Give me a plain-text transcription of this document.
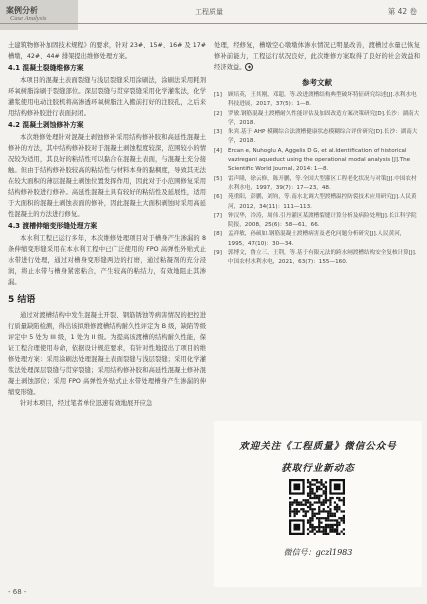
案例分析
Case Analysis
工程质量	第 42 卷

土建筑物修补加固技术规程》的要求，针对 23#、15#、16# 及 17# 槽墩，42#、44# 排架提出维修处理方案。

4.1 混凝土裂缝维修方案

本项目的混凝土表面裂缝与浅层裂缝采用涂刷法，涂刷法采用耗剂环氧树脂涂刷于裂缝部位。深层裂缝与贯穿裂缝采用化学灌浆法，化学灌浆使用电动注胶机将高渗透环氧树脂注入搬前打好的注胶孔，之后来用结构修补胶进行表面封闭。

4.2 混凝土剥蚀修补方案

本次维修处理针对混凝土剥蚀修补采用结构修补胶和高延性混凝土修补的方法，其中结构修补胶对于混凝土剥蚀程度较深，范围较小的情况较为适用，其良好的粘结性可以黏合在混凝土表面，与混凝土充分接触。但由于结构修补胶较高的粘结性与材料本身的黏稠度，导致其无法在较大面积的薄层混凝土剥蚀位置发挥作用，因此对于小范围修复采用结构修补胶进行修补。高延性混凝土具有较好的粘结性及延展性，适用于大面积的混凝土剥蚀表面的修补，因此混凝土大面积剥蚀时采用高延性混凝土的方法进行修复。

4.3 渡槽伸缩变形缝处理方案

本水利工程已运行多年，本次维修处理项目对于槽身产生渗漏的 8 条伸缩变形缝采用在本水利工程中已广泛使用的 FPO 高弹性外贴式止水带进行处理，通过对槽身变形缝两边的打磨，通过粘凝剂的充分浸润，将止水带与槽身紧密粘合，产生较高的粘结力，有效地阻止其渗漏。

5 结语

通过对渡槽结构中发生混凝土开裂、钢筋锈蚀等病害情况的把控进行质量缺陷检测，得出该拟维修渡槽结构耐久性评定为 B 级，缺陷等级评定中 5 处为 III 级，1 处为 II 级。为提高该渡槽的结构耐久性能，保证工程合理使用寿命，依据设计规范要求，有针对性地提出了项目的维修处理方案：采用涂刷法处理混凝土表面裂缝与浅层裂缝；采用化学灌浆法处理深层裂缝与贯穿裂缝；采用结构修补胶和高延性混凝土修补混凝土剥蚀部位；采用 FPO 高弹性外贴式止水带处理槽身产生渗漏的伸缩变形缝。

针对本项目，经过笔者单位迅速有效地展开应急

处理，经修复，槽墩空心墩墩体渗水情况已明显改善，渡槽过水量已恢复修补前能力，工程运行状况良好，此次维修方案取得了良好的社会效益和经济效益。 ◆

参考文献
[1]	顾培英，王其刚，邓超，等.改进渡槽结构典型破坏特征研究综述[J].水利水电科技进展，2017，37(5)：1—8.
[2]	罗敏.钢筋混凝土渡槽耐久性能评估及加固改造方案决策研究[D].长沙：湖南大学，2018.
[3]	朱宾.基于 AHP 模糊综合法渡槽健康状态模糊综合评价研究[D].长沙：湖南大学，2018.
[4]	Ercan e, Nuhoglu A, Aggelis D G, et al.Identification of historical vaziregani aqueduct using the operational modal analysis [J].The Scientific World Journal, 2014: 1—8.
[5]	雷声隆，徐云修，陈开鹏，等.全国大型灌区工程老化状况与对策[J].中国农村水利水电，1997，39(7)：17—23，48.
[6]	苑重阳，彭鹏，刘钧，等.南水北调大型渡槽温控防裂技术应用研究[J].人民黄河，2012，34(11)：111—113.
[7]	钟汉华，冷涛，周伟.引丹灌区某渡槽裂缝计算分析及病险处理[J].长江科学院院报，2008，25(6)：58—61，66.
[8]	孟祥敏，孙硕如.钢筋混凝土渡槽病害及老化问题分析研究[J].人民黄河，1995，47(10)：30—34.
[9]	郭博文，鲁立三，王荆，等.基于有限元法的跨水闸渡槽结构安全复核计算[J].中国农村水利水电，2021，63(7)：155—160.
欢迎关注《工程质量》微信公众号
获取行业新动态
微信号：gczl1983
- 68 -
